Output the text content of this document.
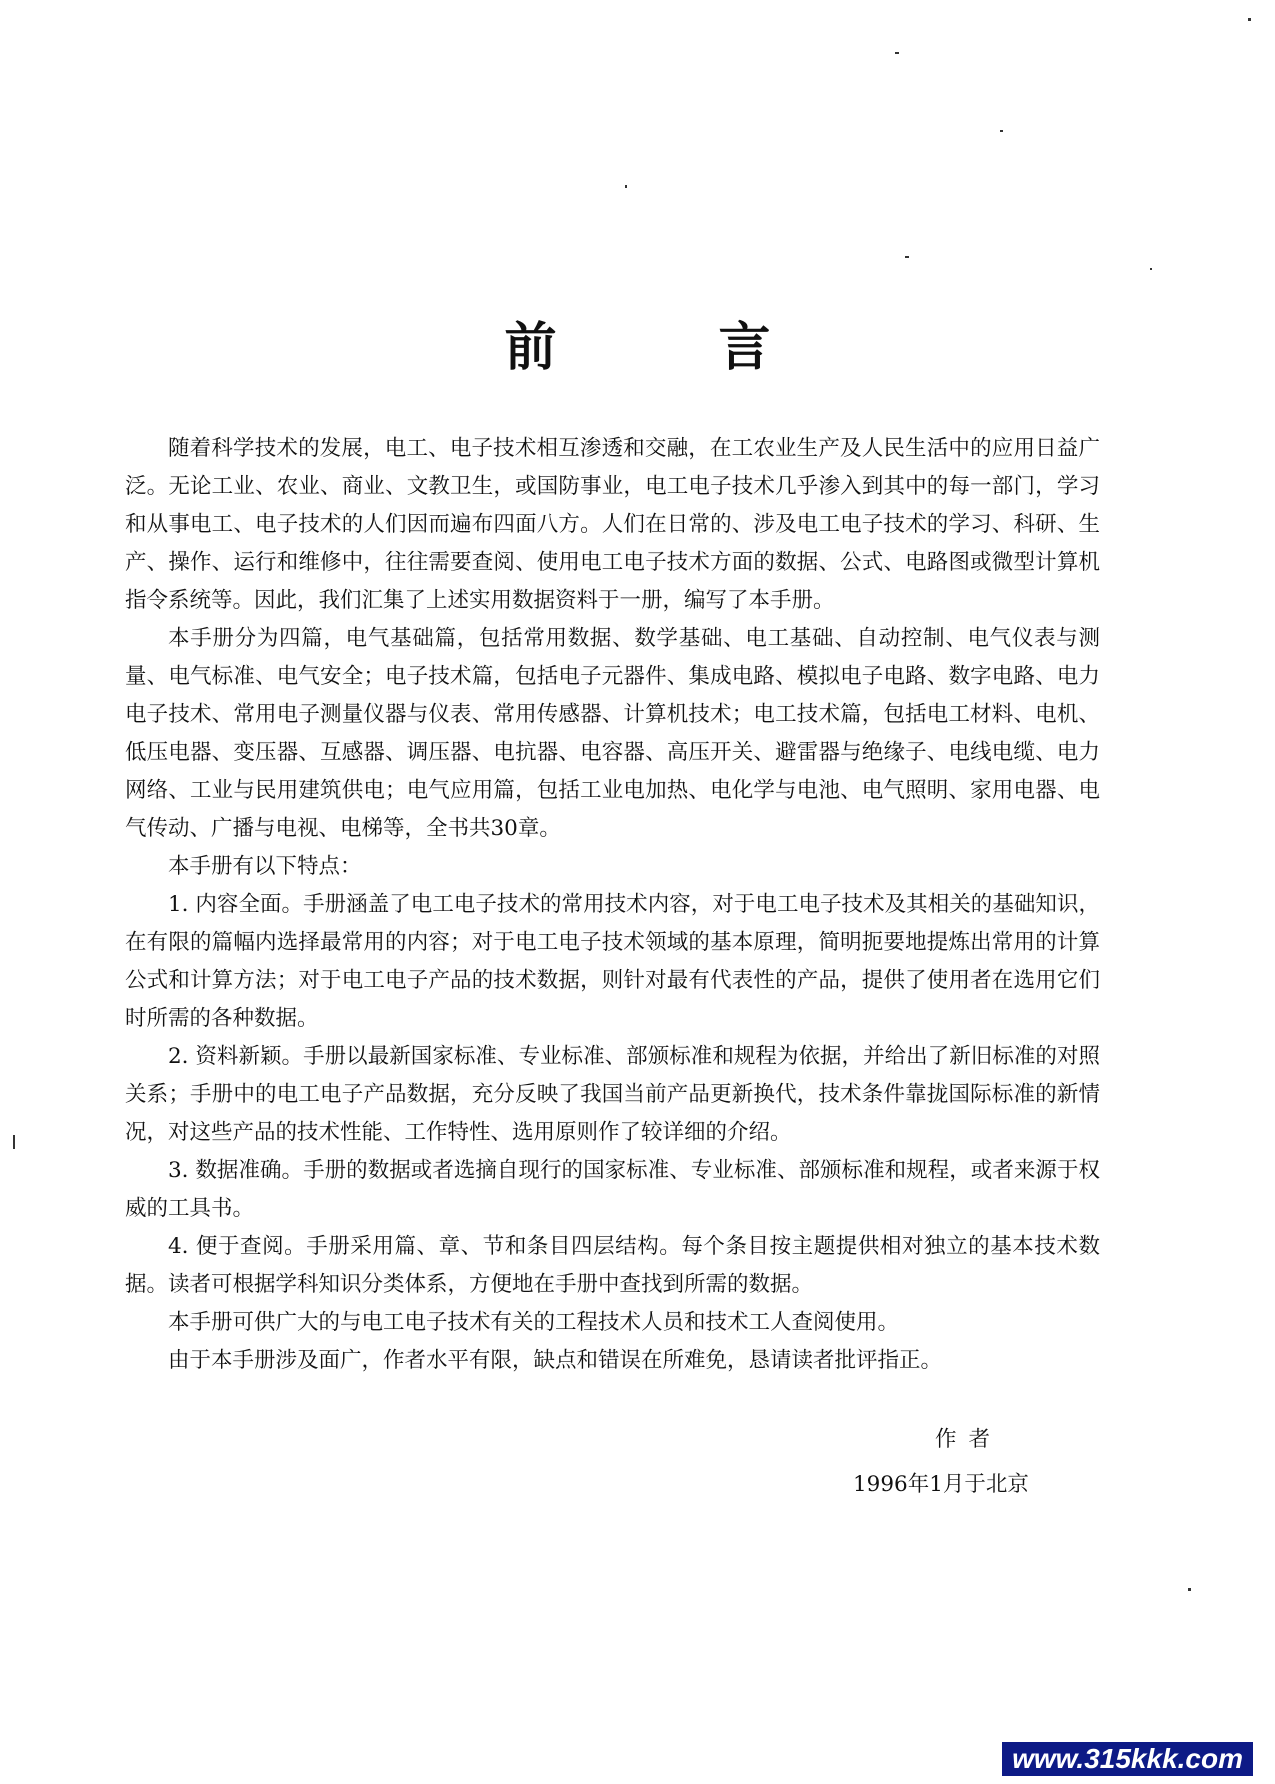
前 言

随着科学技术的发展，电工、电子技术相互渗透和交融，在工农业生产及人民生活中的应用日益广泛。无论工业、农业、商业、文教卫生，或国防事业，电工电子技术几乎渗入到其中的每一部门，学习和从事电工、电子技术的人们因而遍布四面八方。人们在日常的、涉及电工电子技术的学习、科研、生产、操作、运行和维修中，往往需要查阅、使用电工电子技术方面的数据、公式、电路图或微型计算机指令系统等。因此，我们汇集了上述实用数据资料于一册，编写了本手册。

本手册分为四篇，电气基础篇，包括常用数据、数学基础、电工基础、自动控制、电气仪表与测量、电气标准、电气安全；电子技术篇，包括电子元器件、集成电路、模拟电子电路、数字电路、电力电子技术、常用电子测量仪器与仪表、常用传感器、计算机技术；电工技术篇，包括电工材料、电机、低压电器、变压器、互感器、调压器、电抗器、电容器、高压开关、避雷器与绝缘子、电线电缆、电力网络、工业与民用建筑供电；电气应用篇，包括工业电加热、电化学与电池、电气照明、家用电器、电气传动、广播与电视、电梯等，全书共30章。

本手册有以下特点：

1. 内容全面。手册涵盖了电工电子技术的常用技术内容，对于电工电子技术及其相关的基础知识，在有限的篇幅内选择最常用的内容；对于电工电子技术领域的基本原理，简明扼要地提炼出常用的计算公式和计算方法；对于电工电子产品的技术数据，则针对最有代表性的产品，提供了使用者在选用它们时所需的各种数据。

2. 资料新颖。手册以最新国家标准、专业标准、部颁标准和规程为依据，并给出了新旧标准的对照关系；手册中的电工电子产品数据，充分反映了我国当前产品更新换代，技术条件靠拢国际标准的新情况，对这些产品的技术性能、工作特性、选用原则作了较详细的介绍。

3. 数据准确。手册的数据或者选摘自现行的国家标准、专业标准、部颁标准和规程，或者来源于权威的工具书。

4. 便于查阅。手册采用篇、章、节和条目四层结构。每个条目按主题提供相对独立的基本技术数据。读者可根据学科知识分类体系，方便地在手册中查找到所需的数据。

本手册可供广大的与电工电子技术有关的工程技术人员和技术工人查阅使用。

由于本手册涉及面广，作者水平有限，缺点和错误在所难免，恳请读者批评指正。

作者
1996年1月于北京
www.315kkk.com
